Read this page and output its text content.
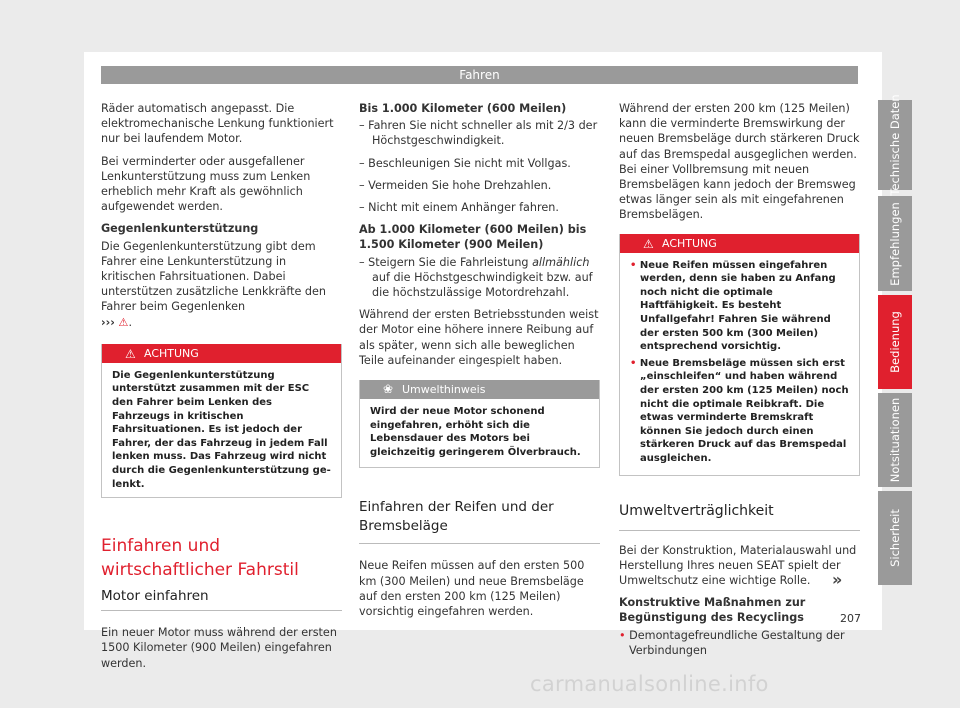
Fahren

Räder automatisch angepasst. Die elektromechanische Lenkung funktioniert nur bei laufendem Motor.

Bei verminderter oder ausgefallener Lenkunterstützung muss zum Lenken erheblich mehr Kraft als gewöhnlich aufgewendet werden.

Gegenlenkunterstützung

Die Gegenlenkunterstützung gibt dem Fahrer eine Lenkunterstützung in kritischen Fahrsituationen. Dabei unterstützen zusätzliche Lenkkräfte den Fahrer beim Gegenlenken
››› ⚠.

⚠ ACHTUNG
Die Gegenlenkunterstützung unterstützt zusammen mit der ESC den Fahrer beim Lenken des Fahrzeugs in kritischen Fahrsituationen. Es ist jedoch der Fahrer, der das Fahrzeug in jedem Fall lenken muss. Das Fahrzeug wird nicht durch die Gegenlenkunterstützung gelenkt.
Einfahren und wirtschaftlicher Fahrstil
Motor einfahren

Ein neuer Motor muss während der ersten 1500 Kilometer (900 Meilen) eingefahren werden.

Bis 1.000 Kilometer (600 Meilen)

– Fahren Sie nicht schneller als mit 2/3 der Höchstgeschwindigkeit.
– Beschleunigen Sie nicht mit Vollgas.
– Vermeiden Sie hohe Drehzahlen.
– Nicht mit einem Anhänger fahren.

Ab 1.000 Kilometer (600 Meilen) bis 1.500 Kilometer (900 Meilen)

– Steigern Sie die Fahrleistung allmählich auf die Höchstgeschwindigkeit bzw. auf die höchstzulässige Motordrehzahl.

Während der ersten Betriebsstunden weist der Motor eine höhere innere Reibung auf als später, wenn sich alle beweglichen Teile aufeinander eingespielt haben.

❀ Umwelthinweis
Wird der neue Motor schonend eingefahren, erhöht sich die Lebensdauer des Motors bei gleichzeitig geringerem Ölverbrauch.
Einfahren der Reifen und der Bremsbeläge

Neue Reifen müssen auf den ersten 500 km (300 Meilen) und neue Bremsbeläge auf den ersten 200 km (125 Meilen) vorsichtig eingefahren werden.

Während der ersten 200 km (125 Meilen) kann die verminderte Bremswirkung der neuen Bremsbeläge durch stärkeren Druck auf das Bremspedal ausgeglichen werden. Bei einer Vollbremsung mit neuen Bremsbelägen kann jedoch der Bremsweg etwas länger sein als mit eingefahrenen Bremsbelägen.

⚠ ACHTUNG
• Neue Reifen müssen eingefahren werden, denn sie haben zu Anfang noch nicht die optimale Haftfähigkeit. Es besteht Unfallgefahr! Fahren Sie während der ersten 500 km (300 Meilen) entsprechend vorsichtig.
• Neue Bremsbeläge müssen sich erst „einschleifen“ und haben während der ersten 200 km (125 Meilen) noch nicht die optimale Reibkraft. Die etwas verminderte Bremskraft können Sie jedoch durch einen stärkeren Druck auf das Bremspedal ausgleichen.
Umweltverträglichkeit

Bei der Konstruktion, Materialauswahl und Herstellung Ihres neuen SEAT spielt der Umweltschutz eine wichtige Rolle.

Konstruktive Maßnahmen zur Begünstigung des Recyclings

• Demontagefreundliche Gestaltung der Verbindungen
»
Technische Daten
Empfehlungen
Bedienung
Notsituationen
Sicherheit
207
carmanualsonline.info
